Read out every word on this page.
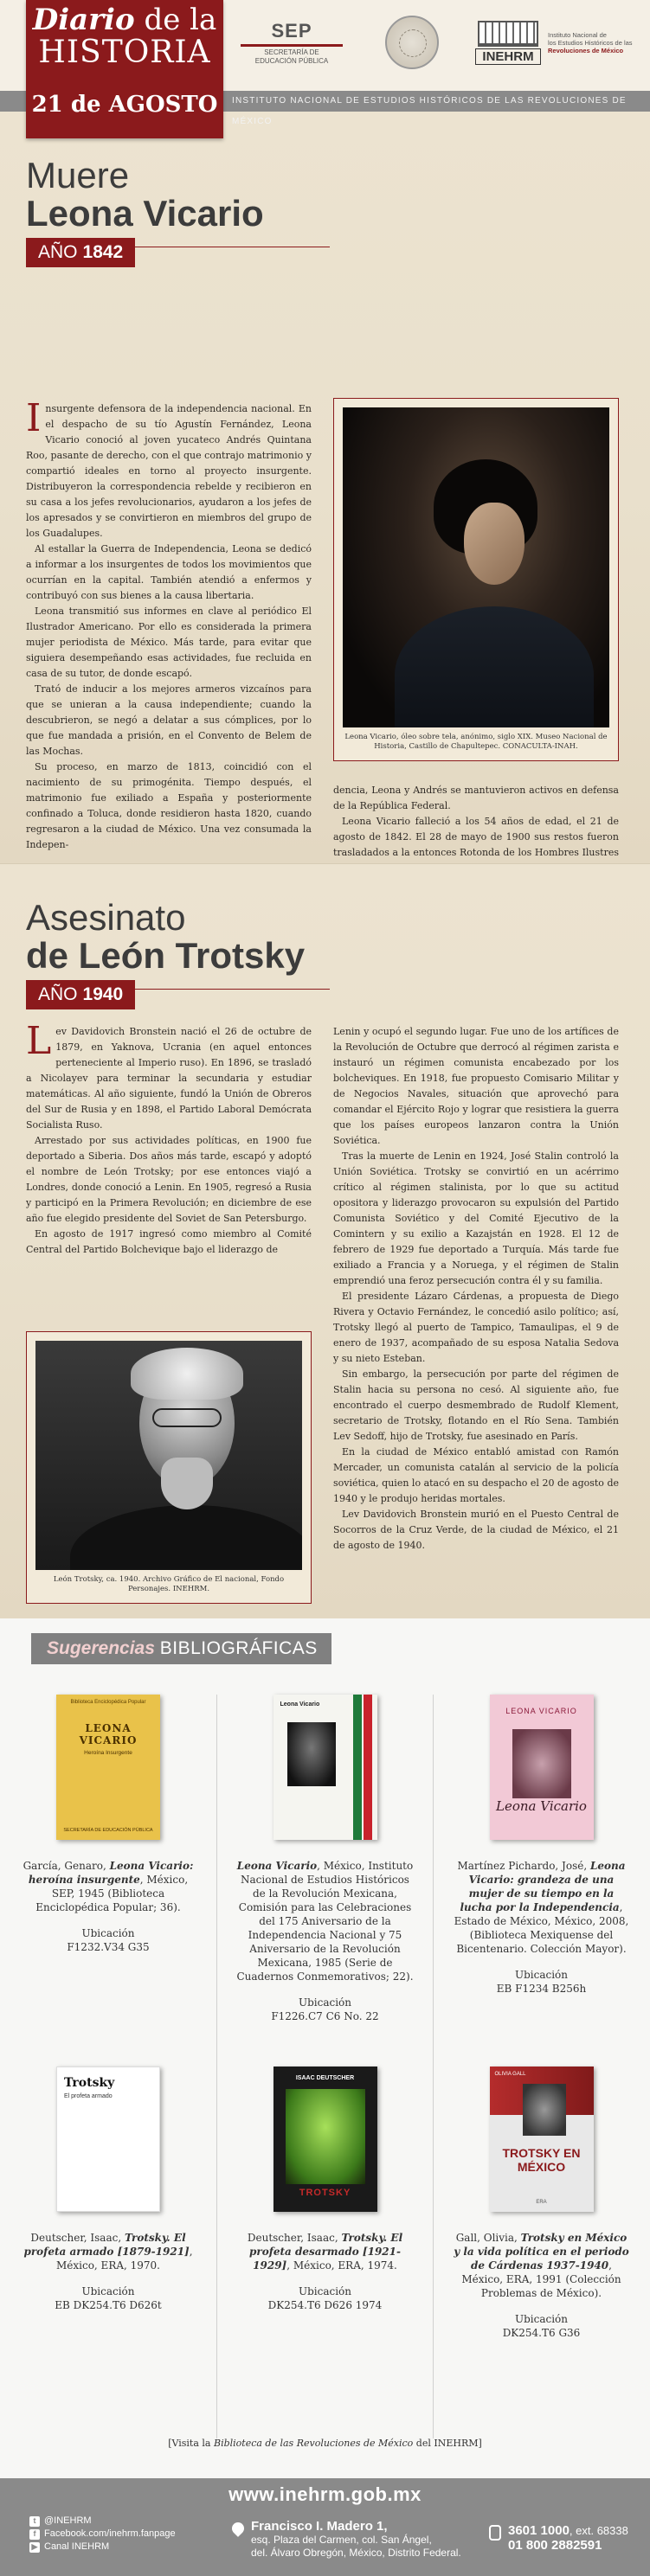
Diario de la
HISTORIA
21 de AGOSTO
SEP
SECRETARÍA DE
EDUCACIÓN PÚBLICA	INEHRM
Instituto Nacional de
los Estudios Históricos de las
Revoluciones de México
INSTITUTO NACIONAL DE ESTUDIOS HISTÓRICOS DE LAS REVOLUCIONES DE MÉXICO
Muere
Leona Vicario
AÑO 1842

Insurgente defensora de la independencia nacional. En el despacho de su tío Agustín Fernández, Leona Vicario conoció al joven yucateco Andrés Quintana Roo, pasante de derecho, con el que contrajo matrimonio y compartió ideales en torno al proyecto insurgente. Distribuyeron la correspondencia rebelde y recibieron en su casa a los jefes revolucionarios, ayudaron a los jefes de los apresados y se convirtieron en miembros del grupo de los Guadalupes.

Al estallar la Guerra de Independencia, Leona se dedicó a informar a los insurgentes de todos los movimientos que ocurrían en la capital. También atendió a enfermos y contribuyó con sus bienes a la causa libertaria.

Leona transmitió sus informes en clave al periódico El Ilustrador Americano. Por ello es considerada la primera mujer periodista de México. Más tarde, para evitar que siguiera desempeñando esas actividades, fue recluida en casa de su tutor, de donde escapó.

Trató de inducir a los mejores armeros vizcaínos para que se unieran a la causa independiente; cuando la descubrieron, se negó a delatar a sus cómplices, por lo que fue mandada a prisión, en el Convento de Belem de las Mochas.

Su proceso, en marzo de 1813, coincidió con el nacimiento de su primogénita. Tiempo después, el matrimonio fue exiliado a España y posteriormente confinado a Toluca, donde residieron hasta 1820, cuando regresaron a la ciudad de México. Una vez consumada la Indepen-

Leona Vicario, óleo sobre tela, anónimo, siglo XIX. Museo Nacional de Historia, Castillo de Chapultepec. CONACULTA-INAH.

dencia, Leona y Andrés se mantuvieron activos en defensa de la República Federal.

Leona Vicario falleció a los 54 años de edad, el 21 de agosto de 1842. El 28 de mayo de 1900 sus restos fueron trasladados a la entonces Rotonda de los Hombres Ilustres

Asesinato
de León Trotsky
AÑO 1940

Lev Davidovich Bronstein nació el 26 de octubre de 1879, en Yaknova, Ucrania (en aquel entonces perteneciente al Imperio ruso). En 1896, se trasladó a Nicolayev para terminar la secundaria y estudiar matemáticas. Al año siguiente, fundó la Unión de Obreros del Sur de Rusia y en 1898, el Partido Laboral Demócrata Socialista Ruso.

Arrestado por sus actividades políticas, en 1900 fue deportado a Siberia. Dos años más tarde, escapó y adoptó el nombre de León Trotsky; por ese entonces viajó a Londres, donde conoció a Lenin. En 1905, regresó a Rusia y participó en la Primera Revolución; en diciembre de ese año fue elegido presidente del Soviet de San Petersburgo.

En agosto de 1917 ingresó como miembro al Comité Central del Partido Bolchevique bajo el liderazgo de

León Trotsky, ca. 1940. Archivo Gráfico de El nacional, Fondo Personajes. INEHRM.

Lenin y ocupó el segundo lugar. Fue uno de los artífices de la Revolución de Octubre que derrocó al régimen zarista e instauró un régimen comunista encabezado por los bolcheviques. En 1918, fue propuesto Comisario Militar y de Negocios Navales, situación que aprovechó para comandar el Ejército Rojo y lograr que resistiera la guerra que los países europeos lanzaron contra la Unión Soviética.

Tras la muerte de Lenin en 1924, José Stalin controló la Unión Soviética. Trotsky se convirtió en un acérrimo crítico al régimen stalinista, por lo que su actitud opositora y liderazgo provocaron su expulsión del Partido Comunista Soviético y del Comité Ejecutivo de la Comintern y su exilio a Kazajstán en 1928. El 12 de febrero de 1929 fue deportado a Turquía. Más tarde fue exiliado a Francia y a Noruega, y el régimen de Stalin emprendió una feroz persecución contra él y su familia.

El presidente Lázaro Cárdenas, a propuesta de Diego Rivera y Octavio Fernández, le concedió asilo político; así, Trotsky llegó al puerto de Tampico, Tamaulipas, el 9 de enero de 1937, acompañado de su esposa Natalia Sedova y su nieto Esteban.

Sin embargo, la persecución por parte del régimen de Stalin hacia su persona no cesó. Al siguiente año, fue encontrado el cuerpo desmembrado de Rudolf Klement, secretario de Trotsky, flotando en el Río Sena. También Lev Sedoff, hijo de Trotsky, fue asesinado en París.

En la ciudad de México entabló amistad con Ramón Mercader, un comunista catalán al servicio de la policía soviética, quien lo atacó en su despacho el 20 de agosto de 1940 y le produjo heridas mortales.

Lev Davidovich Bronstein murió en el Puesto Central de Socorros de la Cruz Verde, de la ciudad de México, el 21 de agosto de 1940.

Sugerencias BIBLIOGRÁFICAS
Biblioteca Enciclopédica Popular
LEONA VICARIO
Heroína Insurgente
SECRETARÍA DE EDUCACIÓN PÚBLICA
García, Genaro, Leona Vicario: heroína insurgente, México, SEP, 1945 (Biblioteca Enciclopédica Popular; 36).
Ubicación
F1232.V34 G35
Leona Vicario
Leona Vicario, México, Instituto Nacional de Estudios Históricos de la Revolución Mexicana, Comisión para las Celebraciones del 175 Aniversario de la Independencia Nacional y 75 Aniversario de la Revolución Mexicana, 1985 (Serie de Cuadernos Conmemorativos; 22).
Ubicación
F1226.C7 C6 No. 22
LEONA VICARIO
Leona Vicario
Martínez Pichardo, José, Leona Vicario: grandeza de una mujer de su tiempo en la lucha por la Independencia, Estado de México, México, 2008, (Biblioteca Mexiquense del Bicentenario. Colección Mayor).
Ubicación
EB F1234 B256h
Trotsky
El profeta armado
Deutscher, Isaac, Trotsky. El profeta armado [1879-1921], México, ERA, 1970.
Ubicación
EB DK254.T6 D626t
ISAAC DEUTSCHER
TROTSKY
Deutscher, Isaac, Trotsky. El profeta desarmado [1921-1929], México, ERA, 1974.
Ubicación
DK254.T6 D626 1974
OLIVIA GALL
TROTSKY EN MÉXICO
ERA
Gall, Olivia, Trotsky en México y la vida política en el periodo de Cárdenas 1937-1940, México, ERA, 1991 (Colección Problemas de México).
Ubicación
DK254.T6 G36
[Visita la Biblioteca de las Revoluciones de México del INEHRM]
www.inehrm.gob.mx
t @INEHRM
f Facebook.com/inehrm.fanpage
▶ Canal INEHRM
Francisco I. Madero 1,
esq. Plaza del Carmen, col. San Ángel,
del. Álvaro Obregón, México, Distrito Federal.
3601 1000, ext. 68338
01 800 2882591
